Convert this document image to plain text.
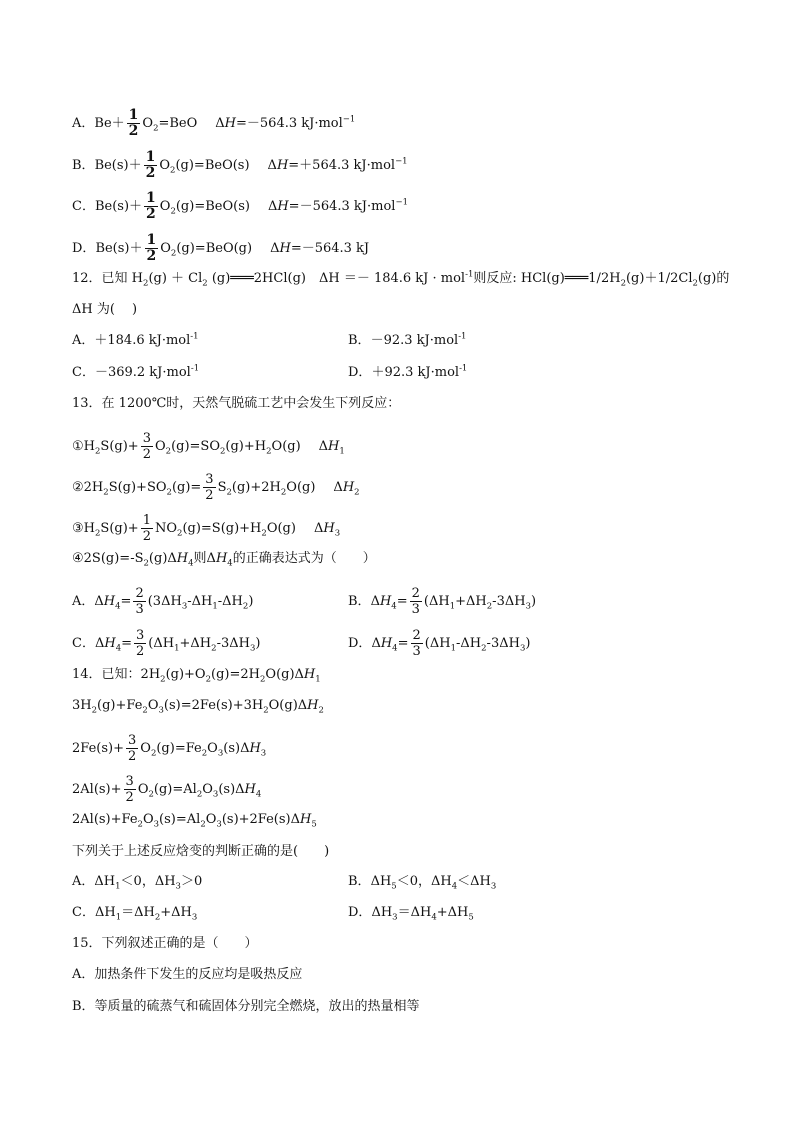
A．$Be+ \frac{1}{2} O_2=BeO$ ΔH=－564.3 kJ·mol$^{-1}$
B．$Be(s)+ \frac{1}{2} O_2(g)=BeO(s)$ ΔH=＋564.3 kJ·mol$^{-1}$
C．$Be(s)+ \frac{1}{2} O_2(g)=BeO(s)$ ΔH=－564.3 kJ·mol$^{-1}$
D．$Be(s)+ \frac{1}{2} O_2(g)=BeO(g)$ ΔH=－564.3 kJ
12．已知 $H_2(g) + Cl_2$ (g)═══2HCl(g)　ΔH ＝－ 184.6 kJ · mol$^{-1}$则反应: $HCl(g)═══1/2H_2(g)+1/2Cl_2(g)$的
ΔH 为(　 )
A．＋184.6 kJ·mol$^{-1}$	B．－92.3 kJ·mol$^{-1}$
C．－369.2 kJ·mol$^{-1}$	D．＋92.3 kJ·mol$^{-1}$
13．在 1200℃时，天然气脱硫工艺中会发生下列反应：
$①H_2S(g)+ \frac{3}{2} O_2(g)=SO_2(g)+H_2O(g)$ $\Delta H_1$
$②2H_2S(g)+SO_2(g)= \frac{3}{2} S_2(g)+2H_2O(g)$ $\Delta H_2$
$③H_2S(g)+ \frac{1}{2} NO_2(g)=S(g)+H_2O(g)$ $\Delta H_3$
$④2S(g)=-S_2(g)\Delta H_4$则$\Delta H_4$的正确表达式为（　　）
A．$\Delta H_4= \frac{2}{3} (3\Delta H_3-\Delta H_1-\Delta H_2)$	B．$\Delta H_4= \frac{2}{3} (\Delta H_1+\Delta H_2-3\Delta H_3)$
C．$\Delta H_4= \frac{3}{2} (\Delta H_1+\Delta H_2-3\Delta H_3)$	D．$\Delta H_4= \frac{2}{3} (\Delta H_1-\Delta H_2-3\Delta H_3)$
14．已知：$2H_2(g)+O_2(g)=2H_2O(g)\Delta H_1$
$3H_2(g)+Fe_2O_3(s)=2Fe(s)+3H_2O(g)\Delta H_2$
$2Fe(s)+ \frac{3}{2} O_2(g)=Fe_2O_3(s)\Delta H_3$
$2Al(s)+ \frac{3}{2} O_2(g)=Al_2O_3(s)\Delta H_4$
$2Al(s)+Fe_2O_3(s)=Al_2O_3(s)+2Fe(s)\Delta H_5$
下列关于上述反应焓变的判断正确的是(　　)
A．$\Delta H_1<0$，$\Delta H_3>0$	B．$\Delta H_5<0$，$\Delta H_4<\Delta H_3$
C．$\Delta H_1=\Delta H_2+\Delta H_3$	D．$\Delta H_3=\Delta H_4+\Delta H_5$
15．下列叙述正确的是（　　）
A．加热条件下发生的反应均是吸热反应
B．等质量的硫蒸气和硫固体分别完全燃烧，放出的热量相等
